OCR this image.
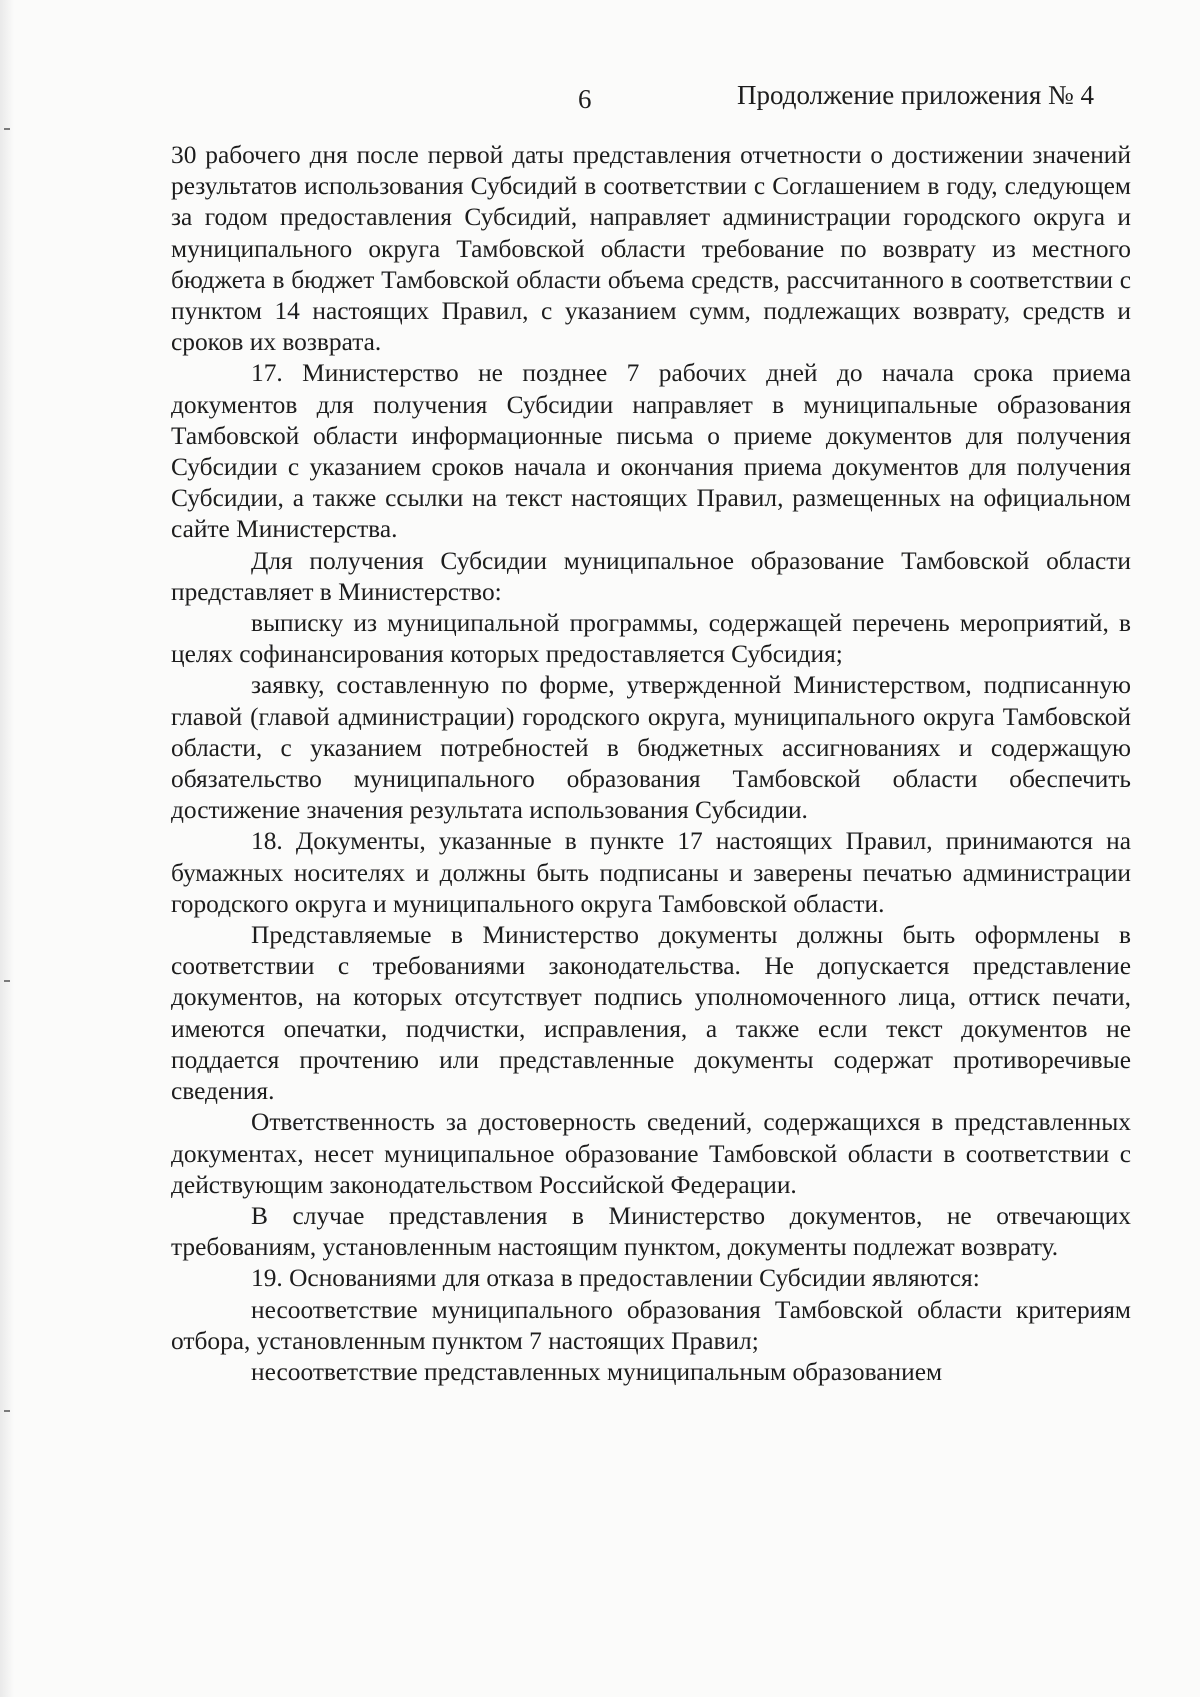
6	Продолжение приложения № 4

30 рабочего дня после первой даты представления отчетности о достижении значений результатов использования Субсидий в соответствии с Соглашением в году, следующем за годом предоставления Субсидий, направляет администрации городского округа и муниципального округа Тамбовской области требование по возврату из местного бюджета в бюджет Тамбовской области объема средств, рассчитанного в соответствии с пунктом 14 настоящих Правил, с указанием сумм, подлежащих возврату, средств и сроков их возврата.

17. Министерство не позднее 7 рабочих дней до начала срока приема документов для получения Субсидии направляет в муниципальные образования Тамбовской области информационные письма о приеме документов для получения Субсидии с указанием сроков начала и окончания приема документов для получения Субсидии, а также ссылки на текст настоящих Правил, размещенных на официальном сайте Министерства.

Для получения Субсидии муниципальное образование Тамбовской области представляет в Министерство:

выписку из муниципальной программы, содержащей перечень мероприятий, в целях софинансирования которых предоставляется Субсидия;

заявку, составленную по форме, утвержденной Министерством, подписанную главой (главой администрации) городского округа, муниципального округа Тамбовской области, с указанием потребностей в бюджетных ассигнованиях и содержащую обязательство муниципального образования Тамбовской области обеспечить достижение значения результата использования Субсидии.

18. Документы, указанные в пункте 17 настоящих Правил, принимаются на бумажных носителях и должны быть подписаны и заверены печатью администрации городского округа и муниципального округа Тамбовской области.

Представляемые в Министерство документы должны быть оформлены в соответствии с требованиями законодательства. Не допускается представление документов, на которых отсутствует подпись уполномоченного лица, оттиск печати, имеются опечатки, подчистки, исправления, а также если текст документов не поддается прочтению или представленные документы содержат противоречивые сведения.

Ответственность за достоверность сведений, содержащихся в представленных документах, несет муниципальное образование Тамбовской области в соответствии с действующим законодательством Российской Федерации.

В случае представления в Министерство документов, не отвечающих требованиям, установленным настоящим пунктом, документы подлежат возврату.

19. Основаниями для отказа в предоставлении Субсидии являются:

несоответствие муниципального образования Тамбовской области критериям отбора, установленным пунктом 7 настоящих Правил;

несоответствие представленных муниципальным образованием
